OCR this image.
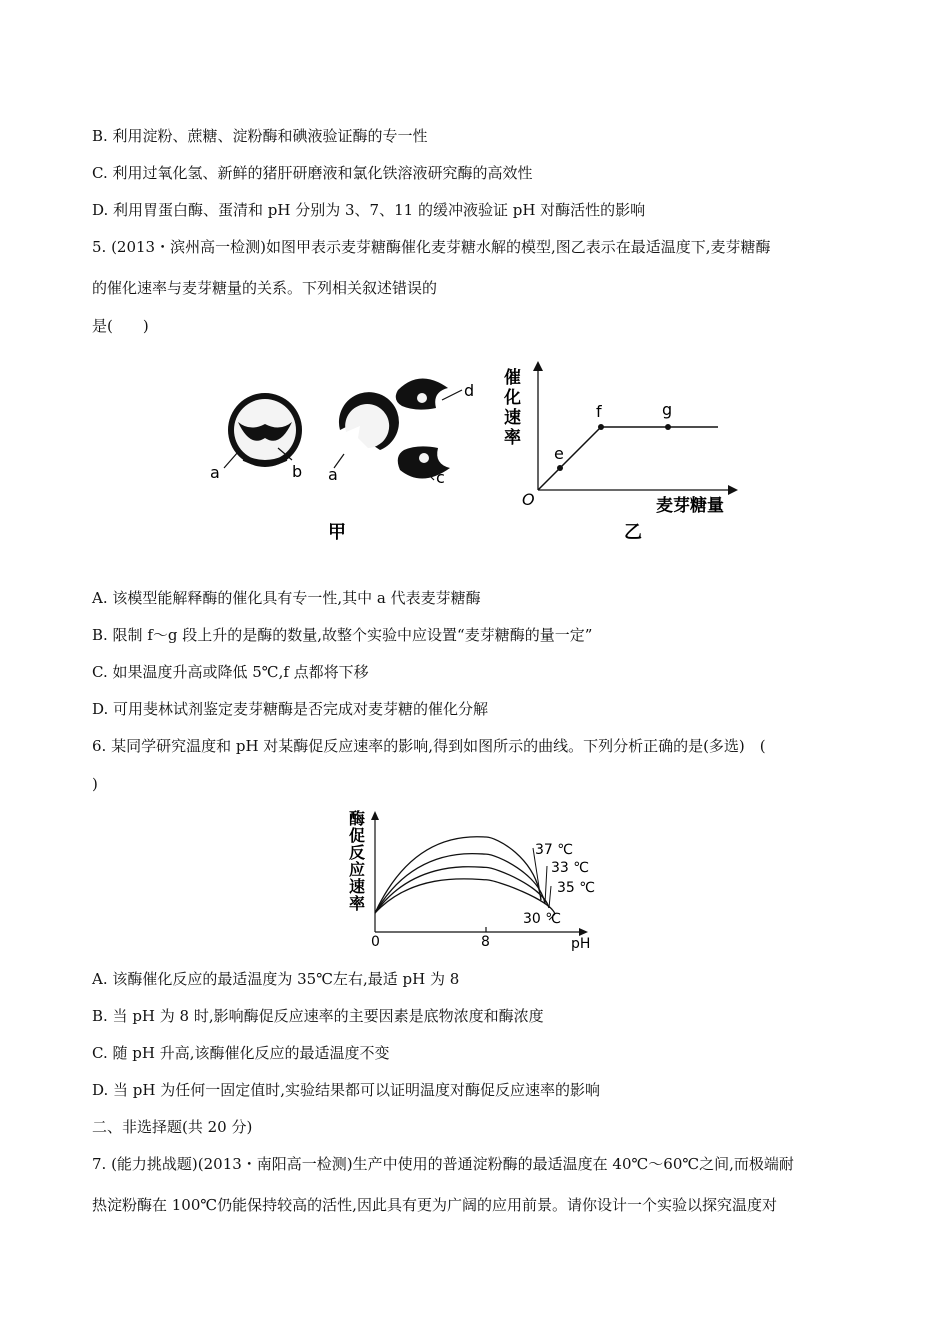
B. 利用淀粉、蔗糖、淀粉酶和碘液验证酶的专一性
C. 利用过氧化氢、新鲜的猪肝研磨液和氯化铁溶液研究酶的高效性
D. 利用胃蛋白酶、蛋清和 pH 分别为 3、7、11 的缓冲液验证 pH 对酶活性的影响
5. (2013・滨州高一检测)如图甲表示麦芽糖酶催化麦芽糖水解的模型,图乙表示在最适温度下,麦芽糖酶
的催化速率与麦芽糖量的关系。下列相关叙述错误的
是(　　)
a	b a
d
c
甲
催
化
速
率
e
f	g
O	麦芽糖量
乙
A. 该模型能解释酶的催化具有专一性,其中 a 代表麦芽糖酶
B. 限制 f～g 段上升的是酶的数量,故整个实验中应设置“麦芽糖酶的量一定”
C. 如果温度升高或降低 5℃,f 点都将下移
D. 可用斐林试剂鉴定麦芽糖酶是否完成对麦芽糖的催化分解
6. 某同学研究温度和 pH 对某酶促反应速率的影响,得到如图所示的曲线。下列分析正确的是(多选)　(
)
酶
促
反
应
速
率
37 ℃
33 ℃
35 ℃
30 ℃
0	8	pH
A. 该酶催化反应的最适温度为 35℃左右,最适 pH 为 8
B. 当 pH 为 8 时,影响酶促反应速率的主要因素是底物浓度和酶浓度
C. 随 pH 升高,该酶催化反应的最适温度不变
D. 当 pH 为任何一固定值时,实验结果都可以证明温度对酶促反应速率的影响
二、非选择题(共 20 分)
7. (能力挑战题)(2013・南阳高一检测)生产中使用的普通淀粉酶的最适温度在 40℃～60℃之间,而极端耐
热淀粉酶在 100℃仍能保持较高的活性,因此具有更为广阔的应用前景。请你设计一个实验以探究温度对
